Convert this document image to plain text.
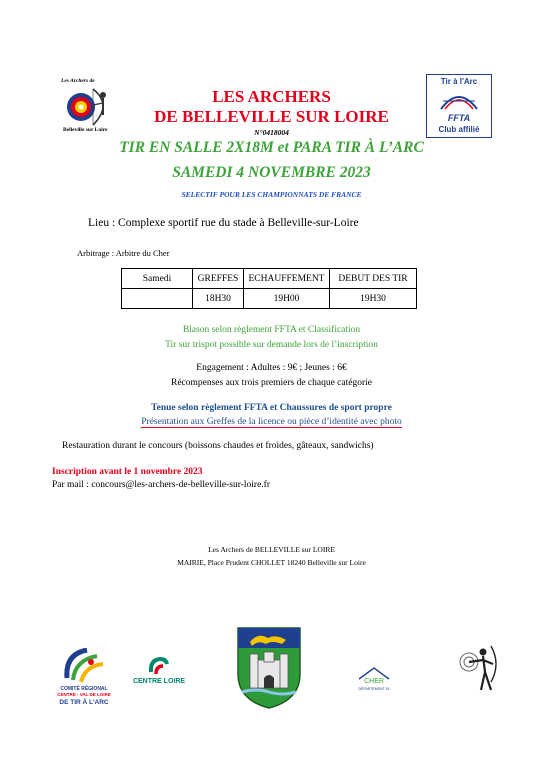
Les Archers de
Belleville sur Loire
Tir à l'Arc
FFTA
Club affilié
LES ARCHERS
DE BELLEVILLE SUR LOIRE
N°0418004
TIR EN SALLE 2X18M et PARA TIR À L’ARC
SAMEDI 4 NOVEMBRE 2023
SELECTIF POUR LES CHAMPIONNATS DE FRANCE
Lieu : Complexe sportif rue du stade à Belleville-sur-Loire
Arbitrage : Arbitre du Cher
Samedi	GREFFES	ECHAUFFEMENT	DEBUT DES TIR
	18H30	19H00	19H30
Blason selon règlement FFTA et Classification
Tir sur trispot possible sur demande lors de l’inscription
Engagement : Adultes : 9€ ; Jeunes : 6€
Récompenses aux trois premiers de chaque catégorie
Tenue selon règlement FFTA et Chaussures de sport propre
Présentation aux Greffes de la licence ou pièce d’identité avec photo
Restauration durant le concours (boissons chaudes et froides, gâteaux, sandwichs)
Inscription avant le 1 novembre 2023
Par mail : concours@les-archers-de-belleville-sur-loire.fr
Les Archers de BELLEVILLE sur LOIRE
MAIRIE, Place Prudent CHOLLET 18240 Belleville sur Loire
COMITÉ RÉGIONAL
CENTRE - VAL DE LOIRE
DE TIR À L'ARC
CENTRE LOIRE	CHER
DÉPARTEMENT 18
